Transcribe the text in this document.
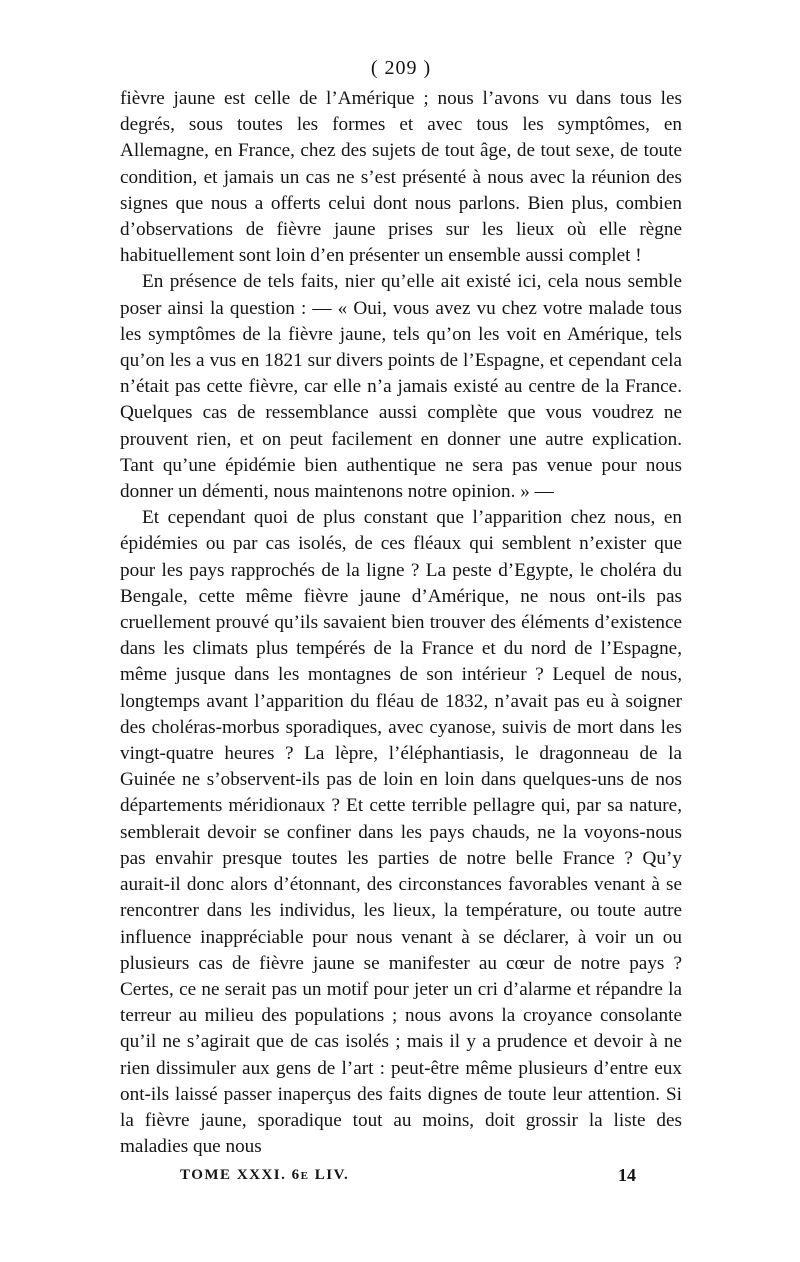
( 209 )

fièvre jaune est celle de l’Amérique ; nous l’avons vu dans tous les degrés, sous toutes les formes et avec tous les symptômes, en Allemagne, en France, chez des sujets de tout âge, de tout sexe, de toute condition, et jamais un cas ne s’est présenté à nous avec la réunion des signes que nous a offerts celui dont nous parlons. Bien plus, combien d’observations de fièvre jaune prises sur les lieux où elle règne habituellement sont loin d’en présenter un ensemble aussi complet !

En présence de tels faits, nier qu’elle ait existé ici, cela nous semble poser ainsi la question : — « Oui, vous avez vu chez votre malade tous les symptômes de la fièvre jaune, tels qu’on les voit en Amérique, tels qu’on les a vus en 1821 sur divers points de l’Espagne, et cependant cela n’était pas cette fièvre, car elle n’a jamais existé au centre de la France. Quelques cas de ressemblance aussi complète que vous voudrez ne prouvent rien, et on peut facilement en donner une autre explication. Tant qu’une épidémie bien authentique ne sera pas venue pour nous donner un démenti, nous maintenons notre opinion. » —

Et cependant quoi de plus constant que l’apparition chez nous, en épidémies ou par cas isolés, de ces fléaux qui semblent n’exister que pour les pays rapprochés de la ligne ? La peste d’Egypte, le choléra du Bengale, cette même fièvre jaune d’Amérique, ne nous ont-ils pas cruellement prouvé qu’ils savaient bien trouver des éléments d’existence dans les climats plus tempérés de la France et du nord de l’Espagne, même jusque dans les montagnes de son intérieur ? Lequel de nous, longtemps avant l’apparition du fléau de 1832, n’avait pas eu à soigner des choléras-morbus sporadiques, avec cyanose, suivis de mort dans les vingt-quatre heures ? La lèpre, l’éléphantiasis, le dragonneau de la Guinée ne s’observent-ils pas de loin en loin dans quelques-uns de nos départements méridionaux ? Et cette terrible pellagre qui, par sa nature, semblerait devoir se confiner dans les pays chauds, ne la voyons-nous pas envahir presque toutes les parties de notre belle France ? Qu’y aurait-il donc alors d’étonnant, des circonstances favorables venant à se rencontrer dans les individus, les lieux, la température, ou toute autre influence inappréciable pour nous venant à se déclarer, à voir un ou plusieurs cas de fièvre jaune se manifester au cœur de notre pays ? Certes, ce ne serait pas un motif pour jeter un cri d’alarme et répandre la terreur au milieu des populations ; nous avons la croyance consolante qu’il ne s’agirait que de cas isolés ; mais il y a prudence et devoir à ne rien dissimuler aux gens de l’art : peut-être même plusieurs d’entre eux ont-ils laissé passer inaperçus des faits dignes de toute leur attention. Si la fièvre jaune, sporadique tout au moins, doit grossir la liste des maladies que nous

TOME XXXI. 6e LIV.	14
